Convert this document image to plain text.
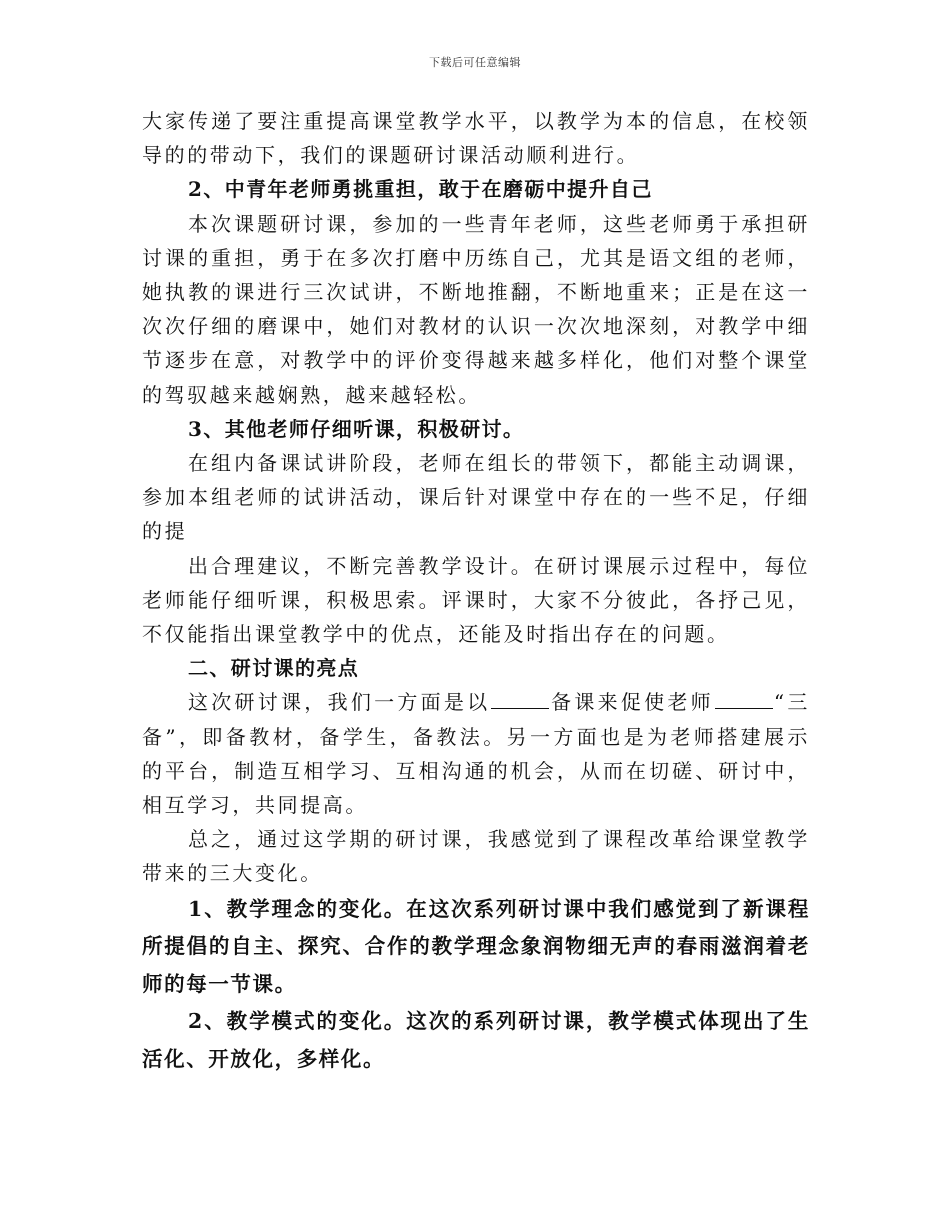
下载后可任意编辑

大家传递了要注重提高课堂教学水平，以教学为本的信息，在校领导的的带动下，我们的课题研讨课活动顺利进行。

2、中青年老师勇挑重担，敢于在磨砺中提升自己

本次课题研讨课，参加的一些青年老师，这些老师勇于承担研讨课的重担，勇于在多次打磨中历练自己，尤其是语文组的老师，她执教的课进行三次试讲，不断地推翻，不断地重来；正是在这一次次仔细的磨课中，她们对教材的认识一次次地深刻，对教学中细节逐步在意，对教学中的评价变得越来越多样化，他们对整个课堂的驾驭越来越娴熟，越来越轻松。

3、其他老师仔细听课，积极研讨。

在组内备课试讲阶段，老师在组长的带领下，都能主动调课，参加本组老师的试讲活动，课后针对课堂中存在的一些不足，仔细的提

出合理建议，不断完善教学设计。在研讨课展示过程中，每位老师能仔细听课，积极思索。评课时，大家不分彼此，各抒己见，不仅能指出课堂教学中的优点，还能及时指出存在的问题。

二、研讨课的亮点

这次研讨课，我们一方面是以	备课来促使老师	“三备”，即备教材，备学生，备教法。另一方面也是为老师搭建展示的平台，制造互相学习、互相沟通的机会，从而在切磋、研讨中，相互学习，共同提高。

总之，通过这学期的研讨课，我感觉到了课程改革给课堂教学带来的三大变化。

1、教学理念的变化。在这次系列研讨课中我们感觉到了新课程所提倡的自主、探究、合作的教学理念象润物细无声的春雨滋润着老师的每一节课。

2、教学模式的变化。这次的系列研讨课，教学模式体现出了生活化、开放化，多样化。
